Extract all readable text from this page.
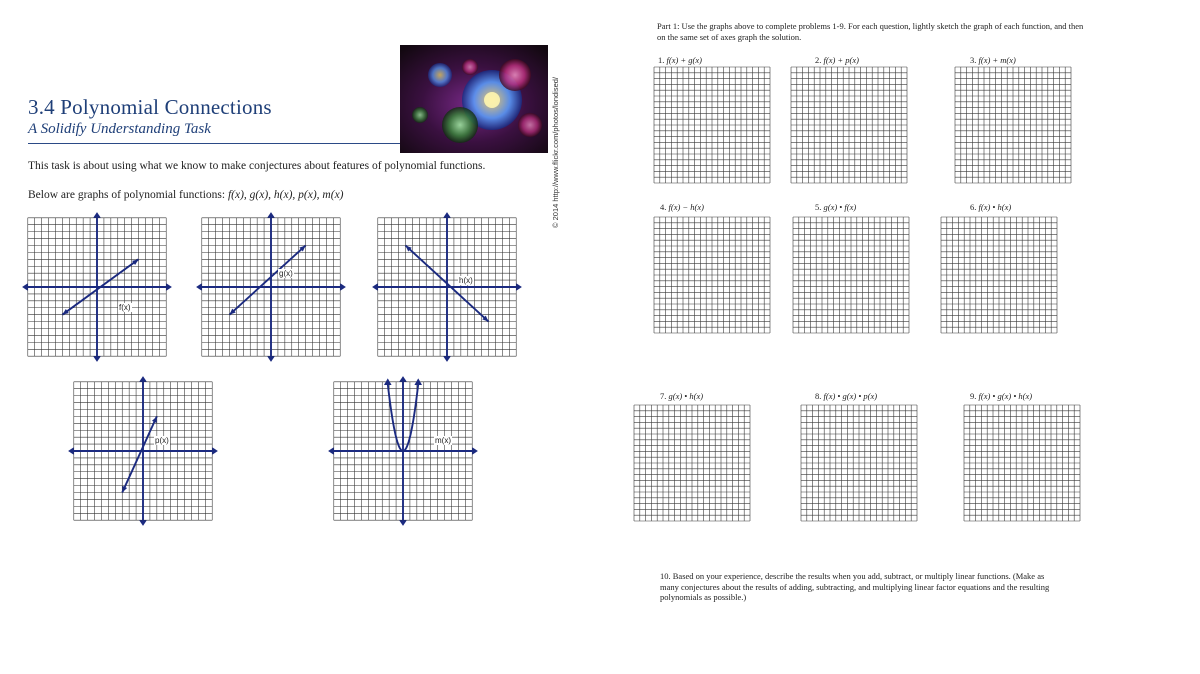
3.4 Polynomial Connections
A Solidify Understanding Task	© 2014 http://www.flickr.com/photos/londised/
This task is about using what we know to make conjectures about features of polynomial functions.
Below are graphs of polynomial functions: f(x), g(x), h(x), p(x), m(x)
f(x)
g(x)
h(x)
p(x)	m(x)
Part 1: Use the graphs above to complete problems 1-9. For each question, lightly sketch the graph of each function, and then on the same set of axes graph the solution.
1. f(x) + g(x)	2. f(x) + p(x)	3. f(x) + m(x)
4. f(x) − h(x)	5. g(x) • f(x)	6. f(x) • h(x)
7. g(x) • h(x)	8. f(x) • g(x) • p(x)	9. f(x) • g(x) • h(x)
10. Based on your experience, describe the results when you add, subtract, or multiply linear functions. (Make as many conjectures about the results of adding, subtracting, and multiplying linear factor equations and the resulting polynomials as possible.)
